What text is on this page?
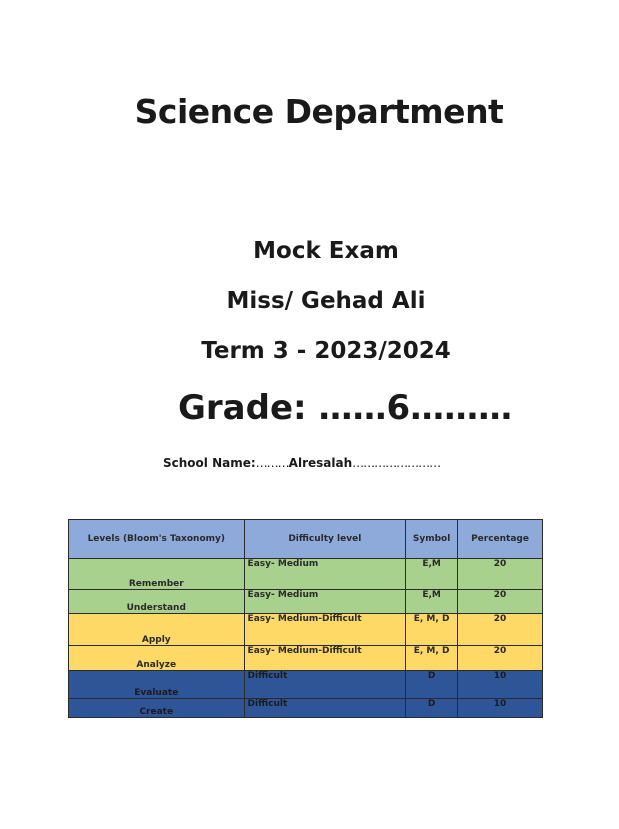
Science Department
Mock Exam
Miss/ Gehad Ali
Term 3 - 2023/2024
Grade: ……6………
School Name:………Alresalah……………………
Levels (Bloom's Taxonomy)	Difficulty level	Symbol	Percentage
Remember	Easy- Medium	E,M	20
Understand	Easy- Medium	E,M	20
Apply	Easy- Medium-Difficult	E, M, D	20
Analyze	Easy- Medium-Difficult	E, M, D	20
Evaluate	Difficult	D	10
Create	Difficult	D	10
